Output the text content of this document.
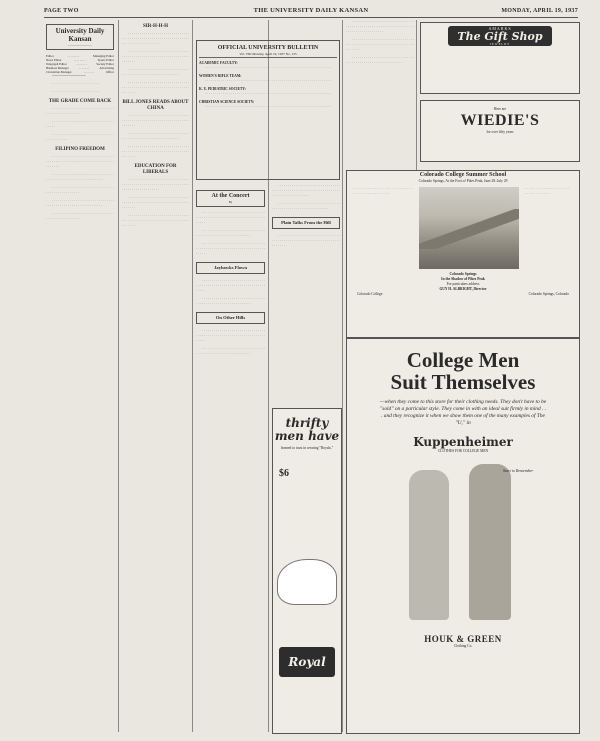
PAGE TWO	THE UNIVERSITY DAILY KANSAN	MONDAY, APRIL 19, 1937
University Daily Kansan
————————
Editor	. . . . . . . .	Managing Editor
News Editor	. . . . . . . .	Sports Editor
Telegraph Editor	. . . . . . .	Society Editor
Business Manager	. . . . . . .	Advertising
Circulation Manager	. . . . . . .	Office

──────────────

· · · · · · · · · · · · · · · · · · · · · · · ·

· · · · · · · · · · · · · · · · · · · · · · · ·

THE GRADE COME BACK

· · · · · · · · · · · · · · · · · · · · · · · · · · · · · · · · · · · · · · · · · · · · · · · ·

· · · · · · · · · · · · · · · · · · · · · · · · · · · · · · · · · · · ·

· · · · · · · · · · · · · · · · · · · · · · · · · · · · · · · · · · · · · · · · · ·

FILIPINO FREEDOM

· · · · · · · · · · · · · · · · · · · · · · · · · · · · · · · · · · · · · · · · · · · · · · · · · · · · · · · · · · · · · · · · · · · · · · · ·

· · · · · · · · · · · · · · · · · · · · · · · · · · · · · · · · · · · · · · · · · · · · · · · · · · · · · · · · · · · ·

· · · · · · · · · · · · · · · · · · · · · · · · · · · · · · · · · · · · · · · · · · · · · · · ·

· · · · · · · · · · · · · · · · · · · · · · · · · · · · · · · · · · · · · · · · · · · · · · · · · · · · · · · · · · · ·

· · · · · · · · · · · · · · · · · · · · · · · · · · · · · · · · · · · · · · · · · · · · · · · ·

SIR-H-H-H

· · · · · · · · · · · · · · · · · · · · · · · · · · · · · · · · · · · · · · · · · · · · · · · · · · · · · · · · · · · · · · · · · · · · · · · · · · · · · · · · · · · ·

· · · · · · · · · · · · · · · · · · · · · · · · · · · · · · · · · · · · · · · · · · · · · · · · · · · · · · · · · · · · · · · · · · · · · · · ·

· · · · · · · · · · · · · · · · · · · · · · · · · · · · · · · · · · · · · · · · · · · · · · · · · · · · · · · · · · · ·

· · · · · · · · · · · · · · · · · · · · · · · · · · · · · · · · · · · · · · · · · · · · · · · · · · · · · · · · · · · · · · · · · · · · · · · ·

BILL JONES READS ABOUT CHINA

· · · · · · · · · · · · · · · · · · · · · · · · · · · · · · · · · · · · · · · · · · · · · · · · · · · · · · · · · · · · · · · · · · · · · · · ·

· · · · · · · · · · · · · · · · · · · · · · · · · · · · · · · · · · · · · · · · · · · · · · · · · · · · · · · · · · · ·

· · · · · · · · · · · · · · · · · · · · · · · · · · · · · · · · · · · · · · · · · · · · · · · · · · · · · · · · · · · · · · · · · · · · · · · ·

EDUCATION FOR LIBERALS

· · · · · · · · · · · · · · · · · · · · · · · · · · · · · · · · · · · · · · · · · · · · · · · · · · · · · · · · · · · · · · · · · · · · · · · · · · · · · · · · · · · ·

· · · · · · · · · · · · · · · · · · · · · · · · · · · · · · · · · · · · · · · · · · · · · · · · · · · · · · · · · · · · · · · · · · · · · · · ·

· · · · · · · · · · · · · · · · · · · · · · · · · · · · · · · · · · · · · · · · · · · · · · · · · · · · · · · · · · · · · · · · · · · · · · · ·

OFFICIAL UNIVERSITY BULLETIN
Vol. VIII Monday, April 19, 1937 No. 155
ACADEMIC FACULTY:

· · · · · · · · · · · · · · · · · · · · · · · · · · · · · · · · · · · · · · · · · · · · · · · · · · · · · · · · · · · · · · · ·

WOMEN'S RIFLE TEAM:

· · · · · · · · · · · · · · · · · · · · · · · · · · · · · · · · · · · · · · · · · · · · · · · · · · · · · · · · · · · · · · · ·

K. U. PEDIATRIC SOCIETY:

· · · · · · · · · · · · · · · · · · · · · · · · · · · · · · · · · · · · · · · · · · · · · · · · · · · · · · · · · · · · · · · ·

CHRISTIAN SCIENCE SOCIETY:

· · · · · · · · · · · · · · · · · · · · · · · · · · · · · · · · · · · · · · · · · · · · · · · · · · · · · · · · · · · · · · · ·

At the Concert
By

· · · · · · · · · · · · · · · · · · · · · · · · · · · · · · · · · · · · · · · · · · · · · · · · · · · · · · · · · · · · · · · · · · · · · · · ·

· · · · · · · · · · · · · · · · · · · · · · · · · · · · · · · · · · · · · · · · · · · · · · · · · · · · · · · · · · · ·

· · · · · · · · · · · · · · · · · · · · · · · · · · · · · · · · · · · · · · · · · · · · · · · · · · · · · · · · · · · · · · · · · · · · · · · ·

Jayhawks Flown

· · · · · · · · · · · · · · · · · · · · · · · · · · · · · · · · · · · · · · · · · · · · · · · · · · · · · · · · · · · · · · · · · · · · · · · ·

· · · · · · · · · · · · · · · · · · · · · · · · · · · · · · · · · · · · · · · · · · · · · · · · · · · · · · · · · · · ·

On Other Hills

· · · · · · · · · · · · · · · · · · · · · · · · · · · · · · · · · · · · · · · · · · · · · · · · · · · · · · · · · · · · · · · · · · · · · · · ·

· · · · · · · · · · · · · · · · · · · · · · · · · · · · · · · · · · · · · · · · · · · · · · · · · · · · · · · · · · · ·

· · · · · · · · · · · · · · · · · · · · · · · · · · · · · · · · · · · · · · · · · · · · · · · · · · · · · · · · · · · · · · · · · · · · · · · · · · · · · · · · · · · ·

· · · · · · · · · · · · · · · · · · · · · · · · · · · · · · · · · · · · · · · · · · · · · · · · · · · · · · · · · · · ·

Plain Talks From the Hill

· · · · · · · · · · · · · · · · · · · · · · · · · · · · · · · · · · · · · · · · · · · · · · · · · · · · · · · · · · · · · · · · · · · · · · · ·

· · · · · · · · · · · · · · · · · · · · · · · · · · · · · · · · · · · · · · · · · · · · · · · · · · · · · · · · · · · · · · · · · · · · · · · · · · · · · · · · · · · ·

· · · · · · · · · · · · · · · · · · · · · · · · · · · · · · · · · · · · · · · · · · · · · · · · · · · · · · · · · · · · · · · · · · · · · · · ·

· · · · · · · · · · · · · · · · · · · · · · · · · · · · · · · · · · · · · · · · · · · · · · · · · · · · · · · · · · · ·

AMARKS
The Gift Shop
JEWELRY
Here are
WIEDIE'S
for over fifty years
Colorado College Summer School
Colorado Springs, At the Foot of Pikes Peak, June 28–July 29
· · · · · · · · · · · · · · · · · · · · · · · · · · · · · · · · · · · · · · · · · · · · · · · · · · · ·
· · · · · · · · · · · · · · · · · · · · · · · · · · · · · · · · · · · · · ·
Colorado Springs
In the Shadow of Pikes Peak
For particulars address
GUY H. ALBRIGHT, Director
Colorado College	Colorado Springs, Colorado
thrifty
men have
learned to trust in wearing "Royals."
$6
Royal
College Men
Suit Themselves
—when they come to this store for their clothing needs. They don't have to be "sold" on a particular style. They come in with an ideal suit firmly in mind . . . and they recognize it when we show them one of the many examples of The "U," in
Kuppenheimer
CLOTHES FOR COLLEGE MEN
Start to Remember
HOUK & GREEN
Clothing Co.
